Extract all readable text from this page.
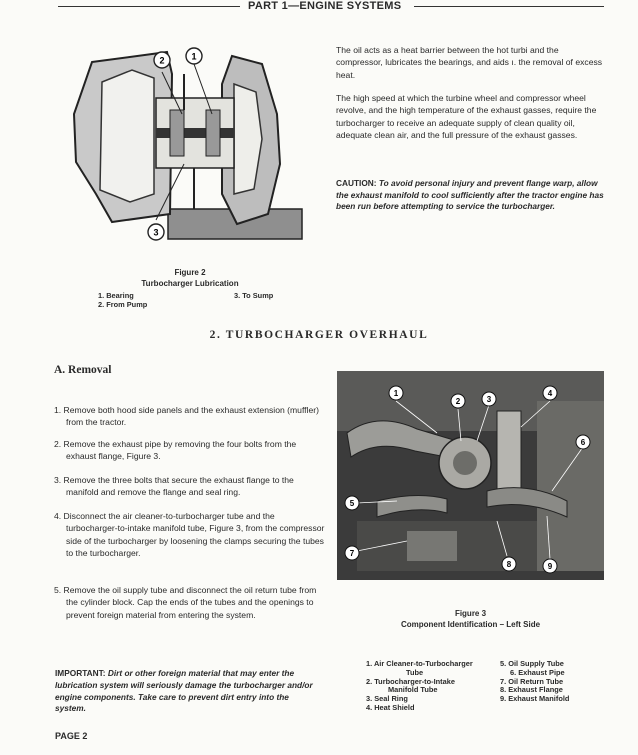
PART 1—ENGINE SYSTEMS
2	1
3
The oil acts as a heat barrier between the hot turbi and the compressor, lubricates the bearings, and aids ı. the removal of excess heat.
The high speed at which the turbine wheel and compressor wheel revolve, and the high temperature of the exhaust gasses, require the turbocharger to receive an adequate supply of clean quality oil, adequate clean air, and the full pressure of the exhaust gasses.
CAUTION: To avoid personal injury and prevent flange warp, allow the exhaust manifold to cool sufficiently after the tractor engine has been run before attempting to service the turbocharger.
Figure 2
Turbocharger Lubrication
1. Bearing	3. To Sump
2. From Pump
2. TURBOCHARGER OVERHAUL
A. Removal
1. Remove both hood side panels and the exhaust extension (muffler) from the tractor.
2. Remove the exhaust pipe by removing the four bolts from the exhaust flange, Figure 3.
3. Remove the three bolts that secure the exhaust flange to the manifold and remove the flange and seal ring.
4. Disconnect the air cleaner-to-turbocharger tube and the turbocharger-to-intake manifold tube, Figure 3, from the compressor side of the turbocharger by loosening the clamps securing the tubes to the turbocharger.
5. Remove the oil supply tube and disconnect the oil return tube from the cylinder block. Cap the ends of the tubes and the openings to prevent foreign material from entering the system.
IMPORTANT: Dirt or other foreign material that may enter the lubrication system will seriously damage the turbocharger and/or engine components. Take care to prevent dirt entry into the system.
1
2	3
4
6
5
7
8	9
Figure 3
Component Identification – Left Side
1. Air Cleaner-to-Turbocharger
Tube
2. Turbocharger-to-Intake
Manifold Tube
3. Seal Ring
4. Heat Shield
5. Oil Supply Tube
6. Exhaust Pipe
7. Oil Return Tube
8. Exhaust Flange
9. Exhaust Manifold
PAGE 2
